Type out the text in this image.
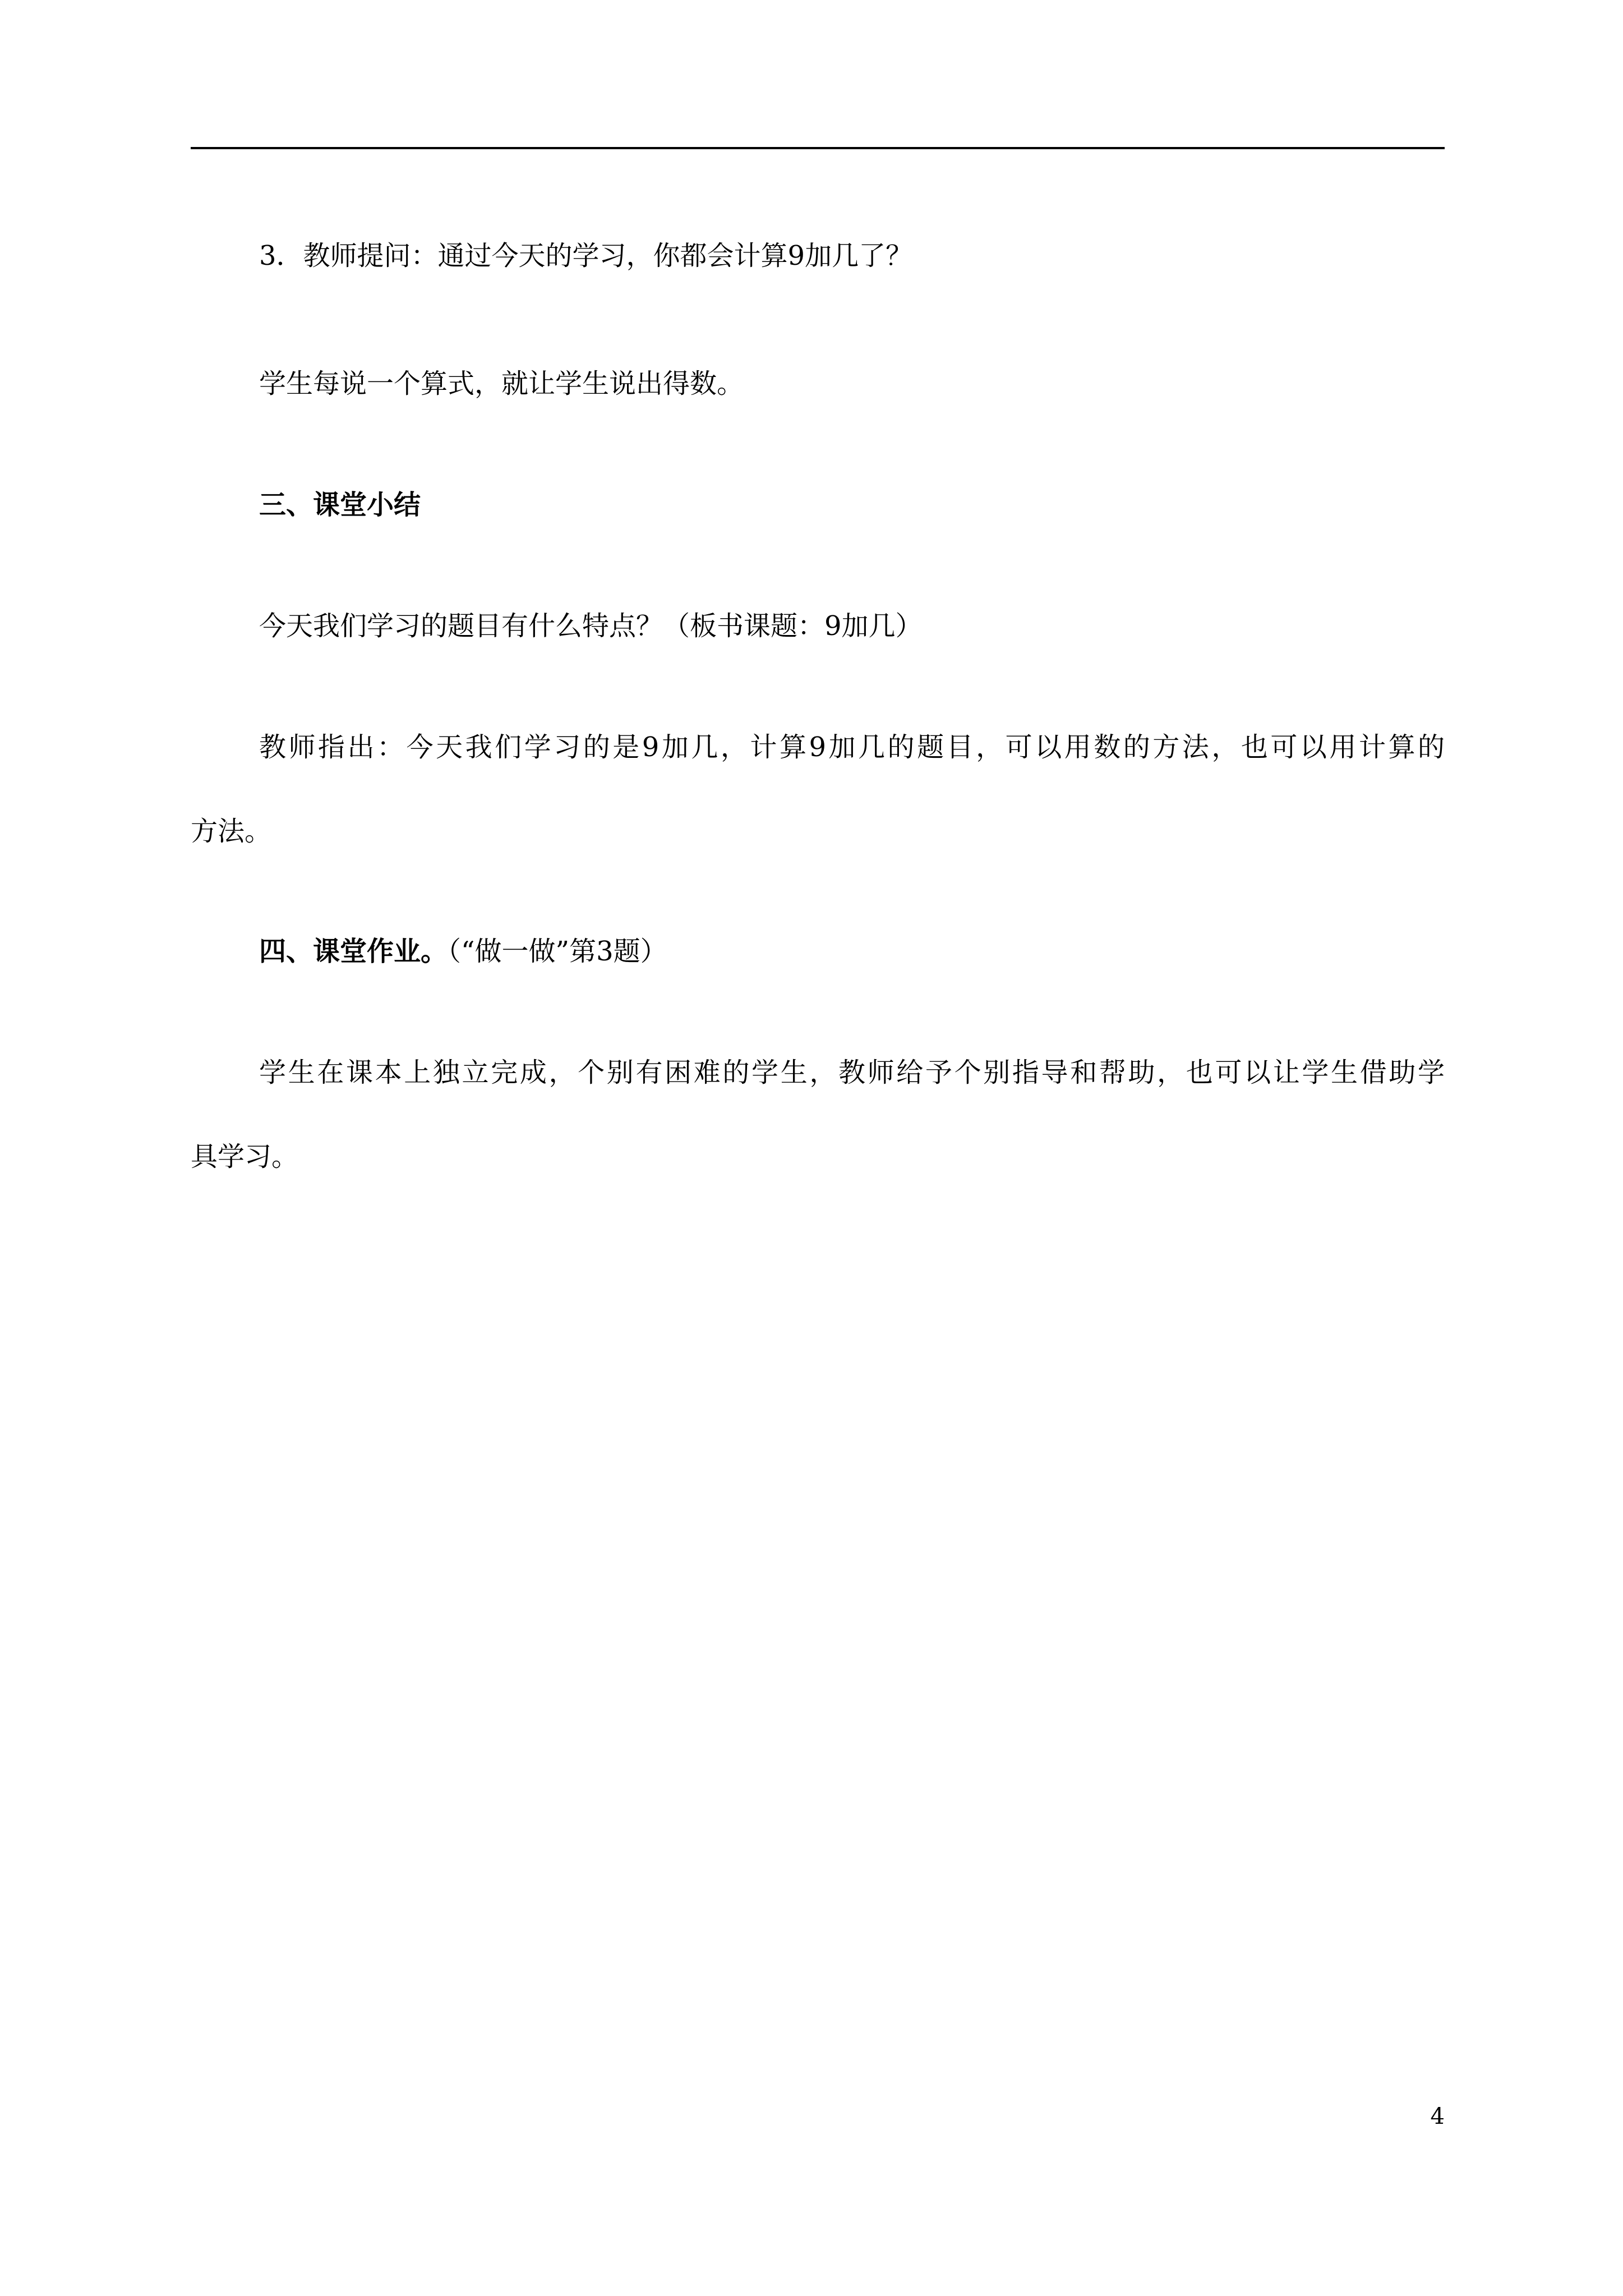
3．教师提问：通过今天的学习，你都会计算9加几了？
学生每说一个算式，就让学生说出得数。
三、课堂小结
今天我们学习的题目有什么特点？（板书课题：9加几）
教师指出：今天我们学习的是9加几，计算9加几的题目，可以用数的方法，也可以用计算的
方法。
四、课堂作业。（“做一做”第3题）
学生在课本上独立完成，个别有困难的学生，教师给予个别指导和帮助，也可以让学生借助学
具学习。
4
